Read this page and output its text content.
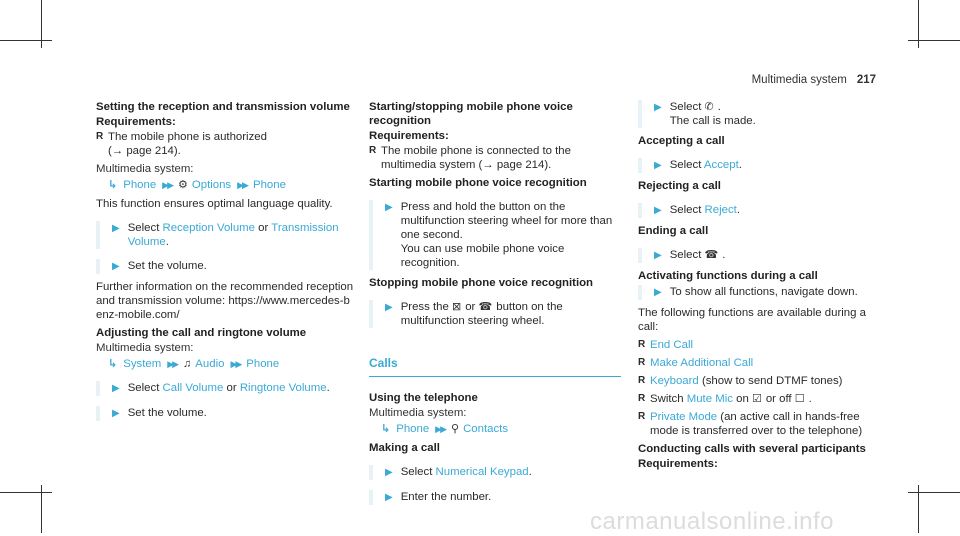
Multimedia system 217
Setting the reception and transmission volume
Requirements:
R The mobile phone is authorized
(→ page 214).
Multimedia system:
↳ Phone ▶▶ ⚙ Options ▶▶ Phone
This function ensures optimal language quality.
▶ Select Reception Volume or Transmission Volume.
▶ Set the volume.
Further information on the recommended reception and transmission volume: https://www.mercedes-benz-mobile.com/
Adjusting the call and ringtone volume
Multimedia system:
↳ System ▶▶ ♫ Audio ▶▶ Phone
▶ Select Call Volume or Ringtone Volume.
▶ Set the volume.
Starting/stopping mobile phone voice recognition
Requirements:
R The mobile phone is connected to the multimedia system (→ page 214).
Starting mobile phone voice recognition
▶ Press and hold the button on the multifunction steering wheel for more than one second.
You can use mobile phone voice recognition.
Stopping mobile phone voice recognition
▶ Press the ⊠ or ☎ button on the multifunction steering wheel.
Calls
Using the telephone
Multimedia system:
↳ Phone ▶▶ ⚲ Contacts
Making a call
▶ Select Numerical Keypad.
▶ Enter the number.
▶ Select ✆ .
The call is made.
Accepting a call
▶ Select Accept.
Rejecting a call
▶ Select Reject.
Ending a call
▶ Select ☎ .
Activating functions during a call
▶ To show all functions, navigate down.
The following functions are available during a call:
R End Call
R Make Additional Call
R Keyboard (show to send DTMF tones)
R Switch Mute Mic on ☑ or off ☐ .
R Private Mode (an active call in hands-free mode is transferred over to the telephone)
Conducting calls with several participants
Requirements:
carmanualsonline.info
